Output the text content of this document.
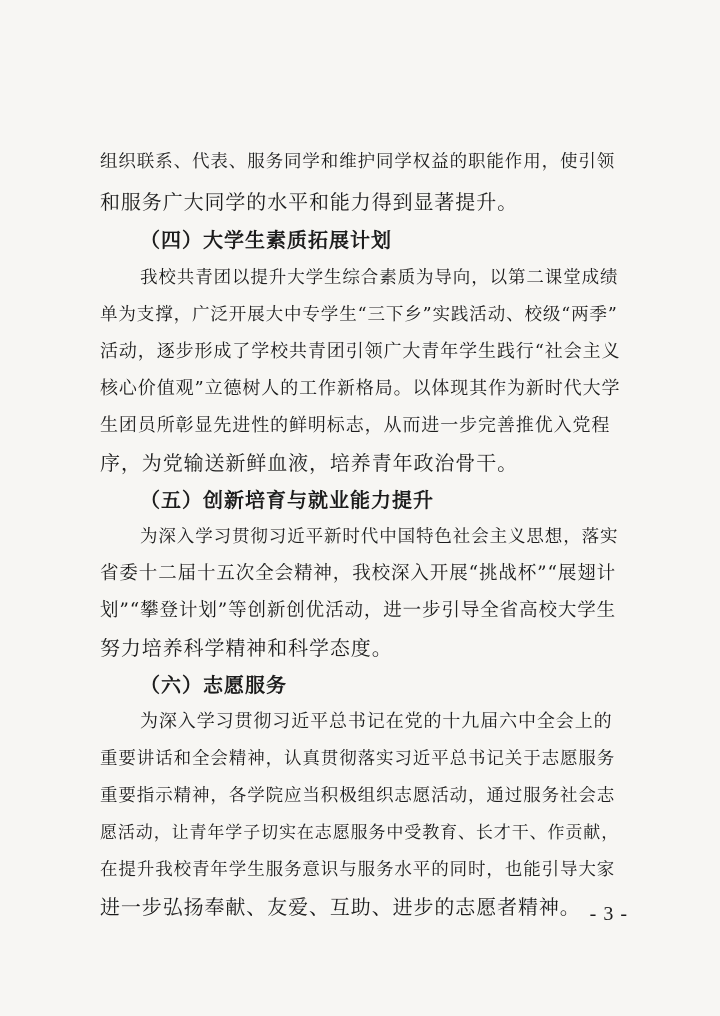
组织联系、代表、服务同学和维护同学权益的职能作用，使引领
和服务广大同学的水平和能力得到显著提升。
（四）大学生素质拓展计划
我校共青团以提升大学生综合素质为导向，以第二课堂成绩
单为支撑，广泛开展大中专学生“三下乡”实践活动、校级“两季”
活动，逐步形成了学校共青团引领广大青年学生践行“社会主义
核心价值观”立德树人的工作新格局。以体现其作为新时代大学
生团员所彰显先进性的鲜明标志，从而进一步完善推优入党程
序，为党输送新鲜血液，培养青年政治骨干。
（五）创新培育与就业能力提升
为深入学习贯彻习近平新时代中国特色社会主义思想，落实
省委十二届十五次全会精神，我校深入开展“挑战杯”“展翅计
划”“攀登计划”等创新创优活动，进一步引导全省高校大学生
努力培养科学精神和科学态度。
（六）志愿服务
为深入学习贯彻习近平总书记在党的十九届六中全会上的
重要讲话和全会精神，认真贯彻落实习近平总书记关于志愿服务
重要指示精神，各学院应当积极组织志愿活动，通过服务社会志
愿活动，让青年学子切实在志愿服务中受教育、长才干、作贡献，
在提升我校青年学生服务意识与服务水平的同时，也能引导大家
进一步弘扬奉献、友爱、互助、进步的志愿者精神。 - 3 -
